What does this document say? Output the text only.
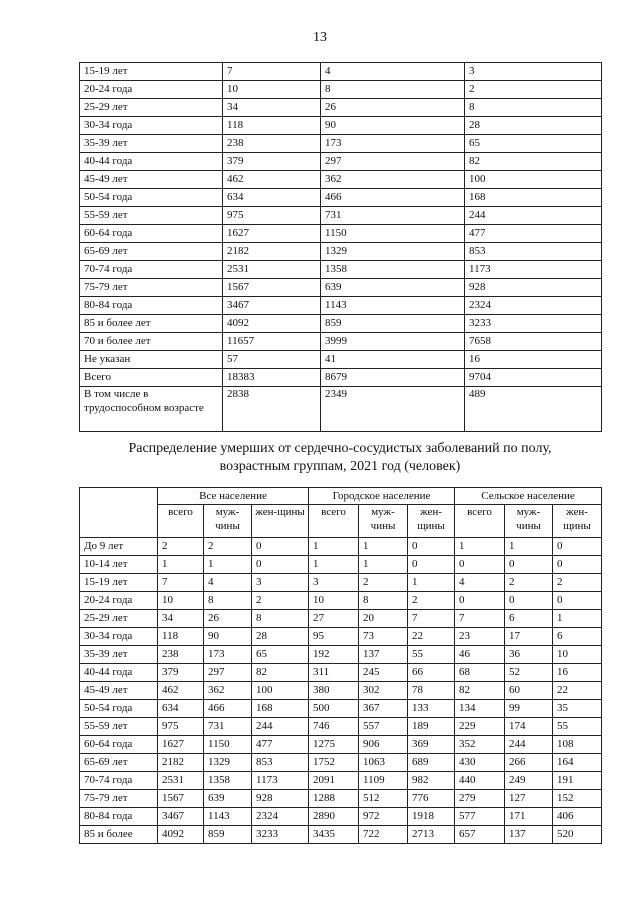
13
15-19 лет	7	4	3
20-24 года	10	8	2
25-29 лет	34	26	8
30-34 года	118	90	28
35-39 лет	238	173	65
40-44 года	379	297	82
45-49 лет	462	362	100
50-54 года	634	466	168
55-59 лет	975	731	244
60-64 года	1627	1150	477
65-69 лет	2182	1329	853
70-74 года	2531	1358	1173
75-79 лет	1567	639	928
80-84 года	3467	1143	2324
85 и более лет	4092	859	3233
70 и более лет	11657	3999	7658
Не указан	57	41	16
Всего	18383	8679	9704
В том числе в трудоспособном возрасте	2838	2349	489
Распределение умерших от сердечно-сосудистых заболеваний по полу,
возрастным группам, 2021 год (человек)
	Все население			Городское население			Сельское население		
	всего	муж-чины	жен-щины	всего	муж-чины	жен-щины	всего	муж-чины	жен-щины
До 9 лет	2	2	0	1	1	0	1	1	0
10-14 лет	1	1	0	1	1	0	0	0	0
15-19 лет	7	4	3	3	2	1	4	2	2
20-24 года	10	8	2	10	8	2	0	0	0
25-29 лет	34	26	8	27	20	7	7	6	1
30-34 года	118	90	28	95	73	22	23	17	6
35-39 лет	238	173	65	192	137	55	46	36	10
40-44 года	379	297	82	311	245	66	68	52	16
45-49 лет	462	362	100	380	302	78	82	60	22
50-54 года	634	466	168	500	367	133	134	99	35
55-59 лет	975	731	244	746	557	189	229	174	55
60-64 года	1627	1150	477	1275	906	369	352	244	108
65-69 лет	2182	1329	853	1752	1063	689	430	266	164
70-74 года	2531	1358	1173	2091	1109	982	440	249	191
75-79 лет	1567	639	928	1288	512	776	279	127	152
80-84 года	3467	1143	2324	2890	972	1918	577	171	406
85 и более	4092	859	3233	3435	722	2713	657	137	520
